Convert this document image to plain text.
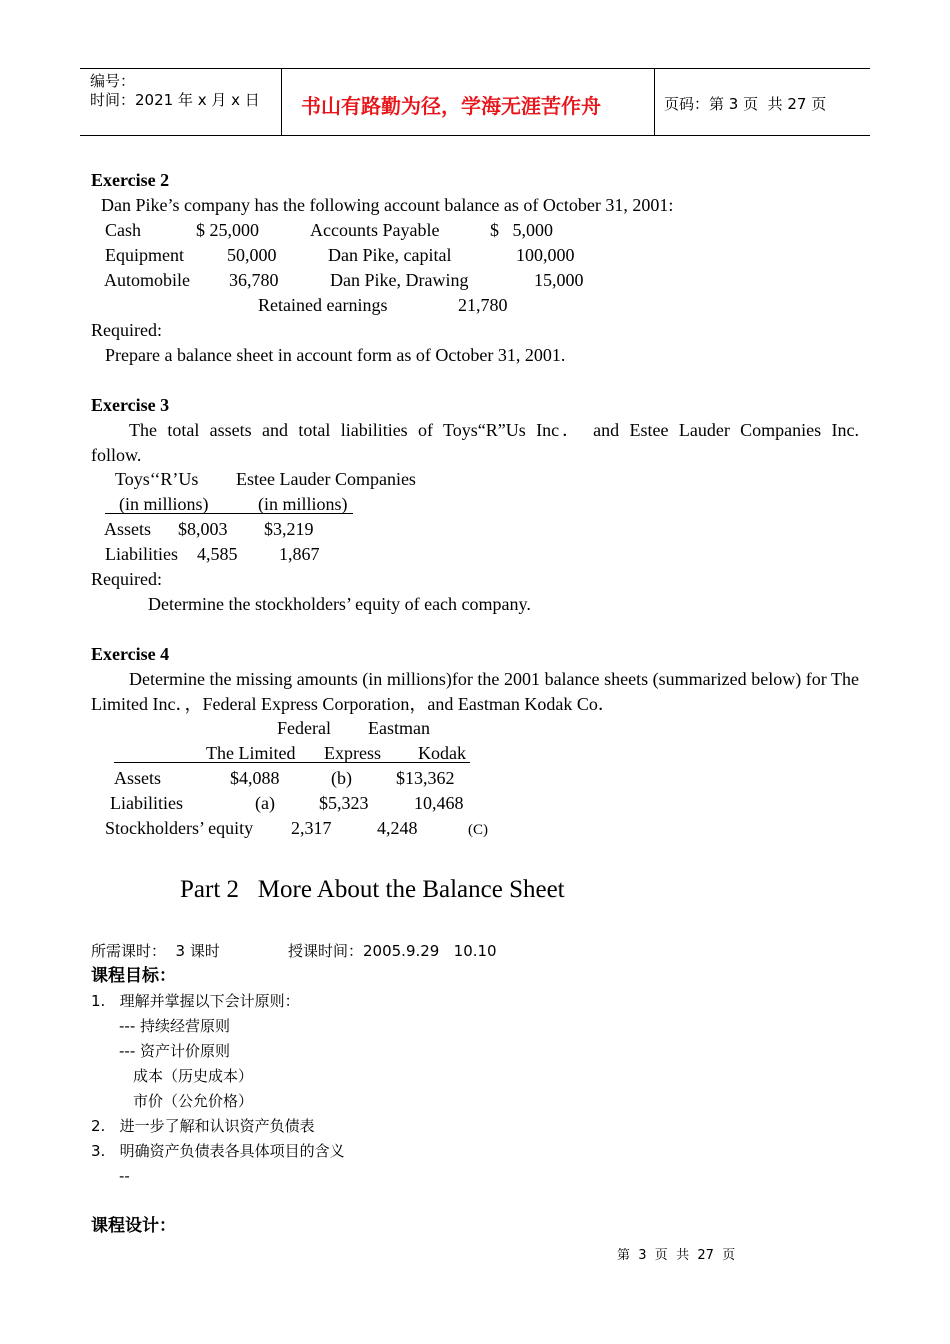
编号：
时间：2021 年 x 月 x 日 书山有路勤为径，学海无涯苦作舟	页码：第 3 页  共 27 页
Exercise 2
Dan Pike’s company has the following account balance as of October 31, 2001:
Cash	$ 25,000	Accounts Payable	$   5,000
Equipment 50,000	Dan Pike, capital	100,000
Automobile 36,780	Dan Pike, Drawing	15,000
Retained earnings	21,780
Required:
Prepare a balance sheet in account form as of October 31, 2001.
Exercise 3
The total assets and total liabilities of Toys“R”Us Inc． and Estee Lauder Companies Inc. follow.
Toys‘‘R’Us Estee Lauder Companies
(in millions)	(in millions)
Assets $8,003 $3,219
Liabilities 4,585 1,867
Required:
Determine the stockholders’ equity of each company.
Exercise 4
Determine the missing amounts (in millions)for the 2001 balance sheets (summarized below) for The Limited Inc．，Federal Express Corporation，and Eastman Kodak Co．
Federal Eastman
The Limited Express Kodak
Assets	$4,088	(b) $13,362
Liabilities	(a) $5,323	10,468
Stockholders’ equity 2,317	4,248	(C)
Part 2   More About the Balance Sheet
所需课时：  3 课时	授课时间：2005.9.29   10.10
课程目标：
1.   理解并掌握以下会计原则：
--- 持续经营原则
--- 资产计价原则
成本（历史成本）
市价（公允价格）
2.   进一步了解和认识资产负债表
3.   明确资产负债表各具体项目的含义
--
课程设计：
第  3  页  共  27  页
